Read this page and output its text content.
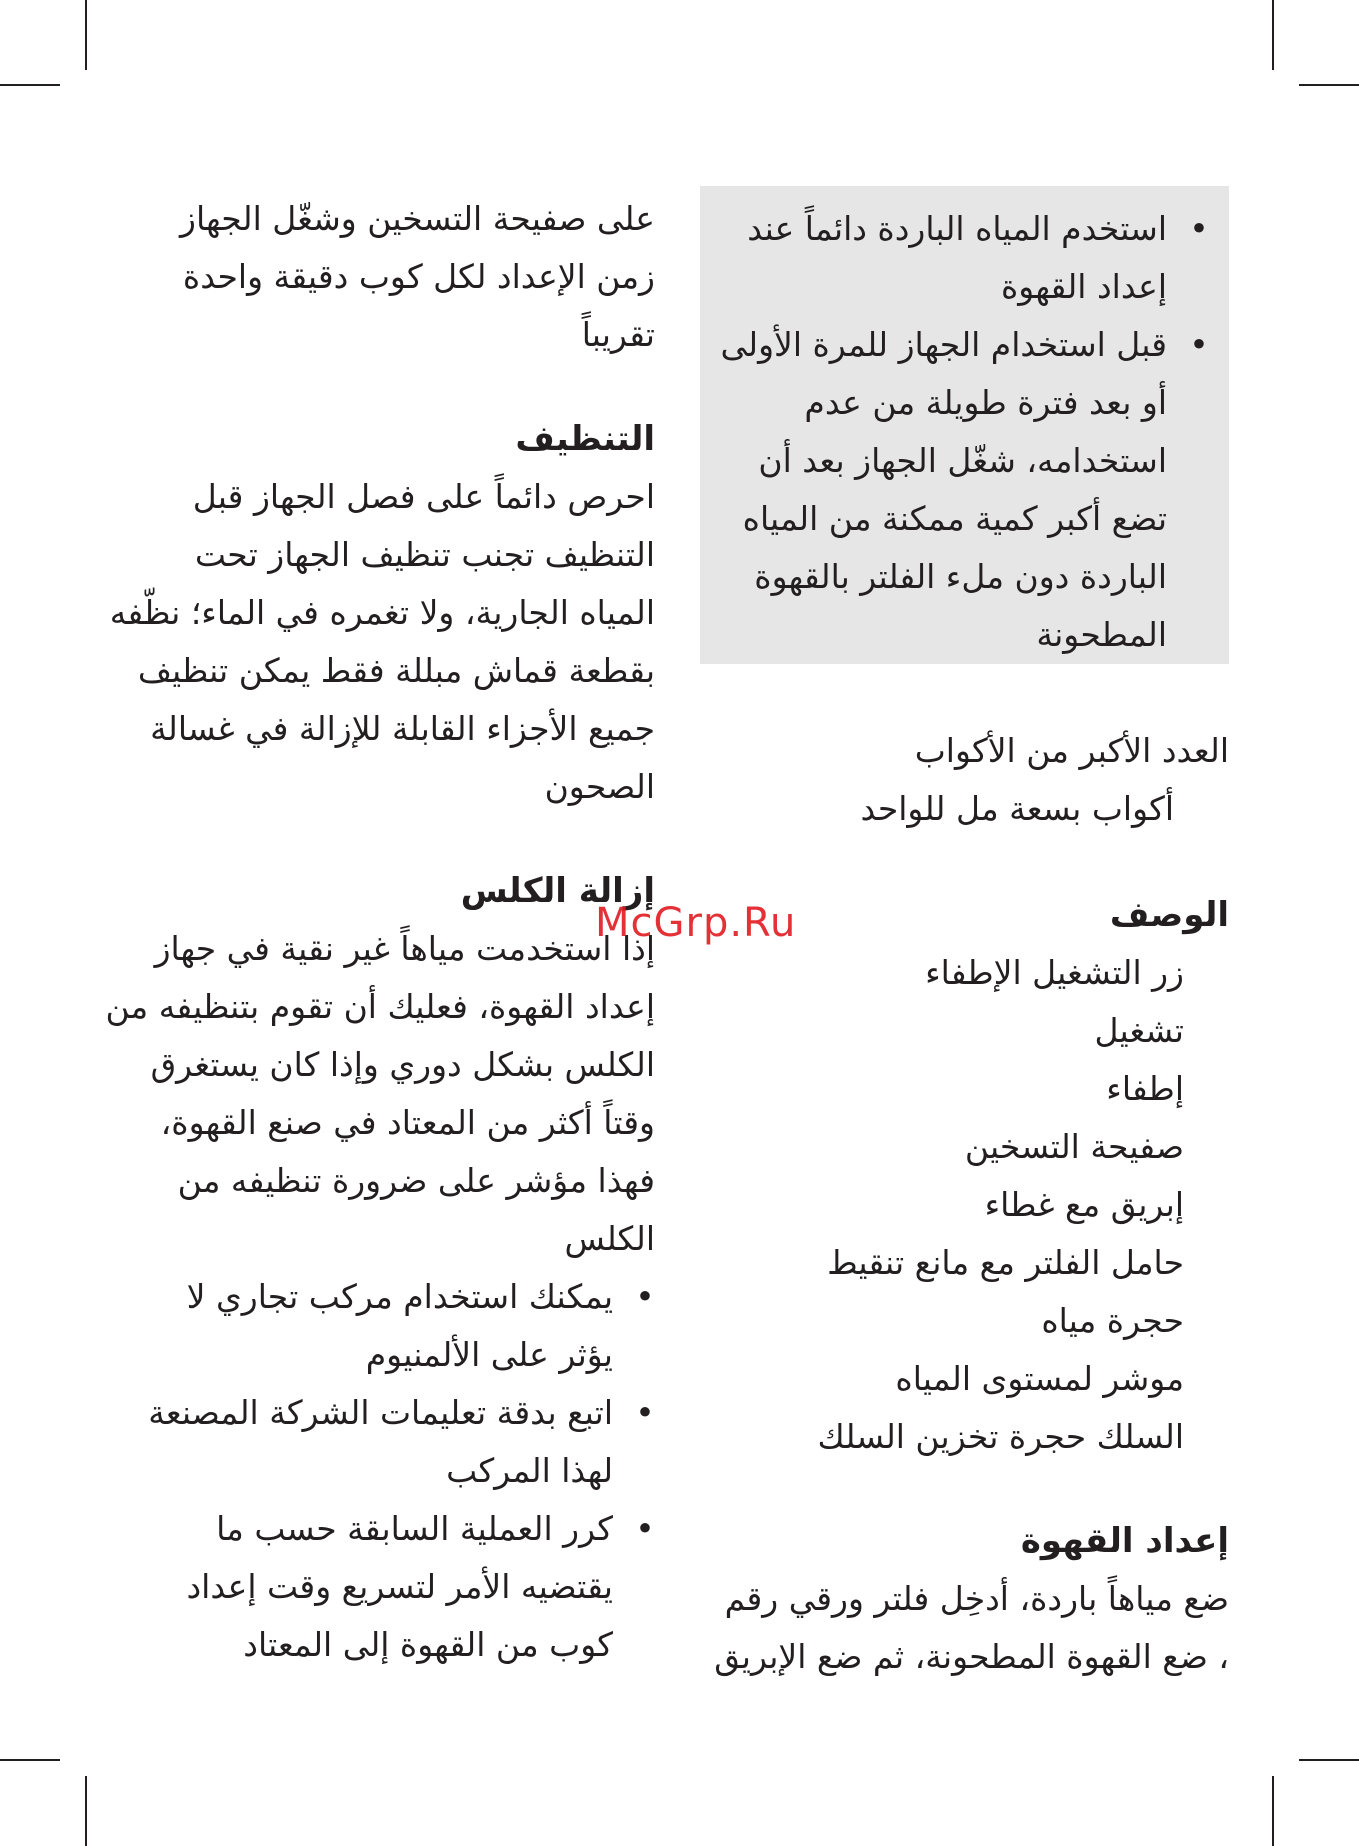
•
استخدم المياه الباردة دائماً عند
إعداد القهوة
•
قبل استخدام الجهاز للمرة الأولى
أو بعد فترة طويلة من عدم
استخدامه، شغّل الجهاز بعد أن
تضع أكبر كمية ممكنة من المياه
الباردة دون ملء الفلتر بالقهوة
المطحونة
العدد الأكبر من الأكواب
أكواب بسعة مل للواحد
الوصف
زر التشغيل الإطفاء
تشغيل
إطفاء
صفيحة التسخين
إبريق مع غطاء
حامل الفلتر مع مانع تنقيط
حجرة مياه
موشر لمستوى المياه
السلك حجرة تخزين السلك
إعداد القهوة
ضع مياهاً باردة، أدخِل فلتر ورقي رقم
، ضع القهوة المطحونة، ثم ضع الإبريق
على صفيحة التسخين وشغّل الجهاز
زمن الإعداد لكل كوب دقيقة واحدة
تقريباً
التنظيف
احرص دائماً على فصل الجهاز قبل
التنظيف تجنب تنظيف الجهاز تحت
المياه الجارية، ولا تغمره في الماء؛ نظّفه
بقطعة قماش مبللة فقط يمكن تنظيف
جميع الأجزاء القابلة للإزالة في غسالة
الصحون
إزالة الكلس
إذا استخدمت مياهاً غير نقية في جهاز
إعداد القهوة، فعليك أن تقوم بتنظيفه من
الكلس بشكل دوري وإذا كان يستغرق
وقتاً أكثر من المعتاد في صنع القهوة،
فهذا مؤشر على ضرورة تنظيفه من
الكلس
•
يمكنك استخدام مركب تجاري لا
يؤثر على الألمنيوم
•
اتبع بدقة تعليمات الشركة المصنعة
لهذا المركب
•
كرر العملية السابقة حسب ما
يقتضيه الأمر لتسريع وقت إعداد
كوب من القهوة إلى المعتاد
McGrp.Ru
